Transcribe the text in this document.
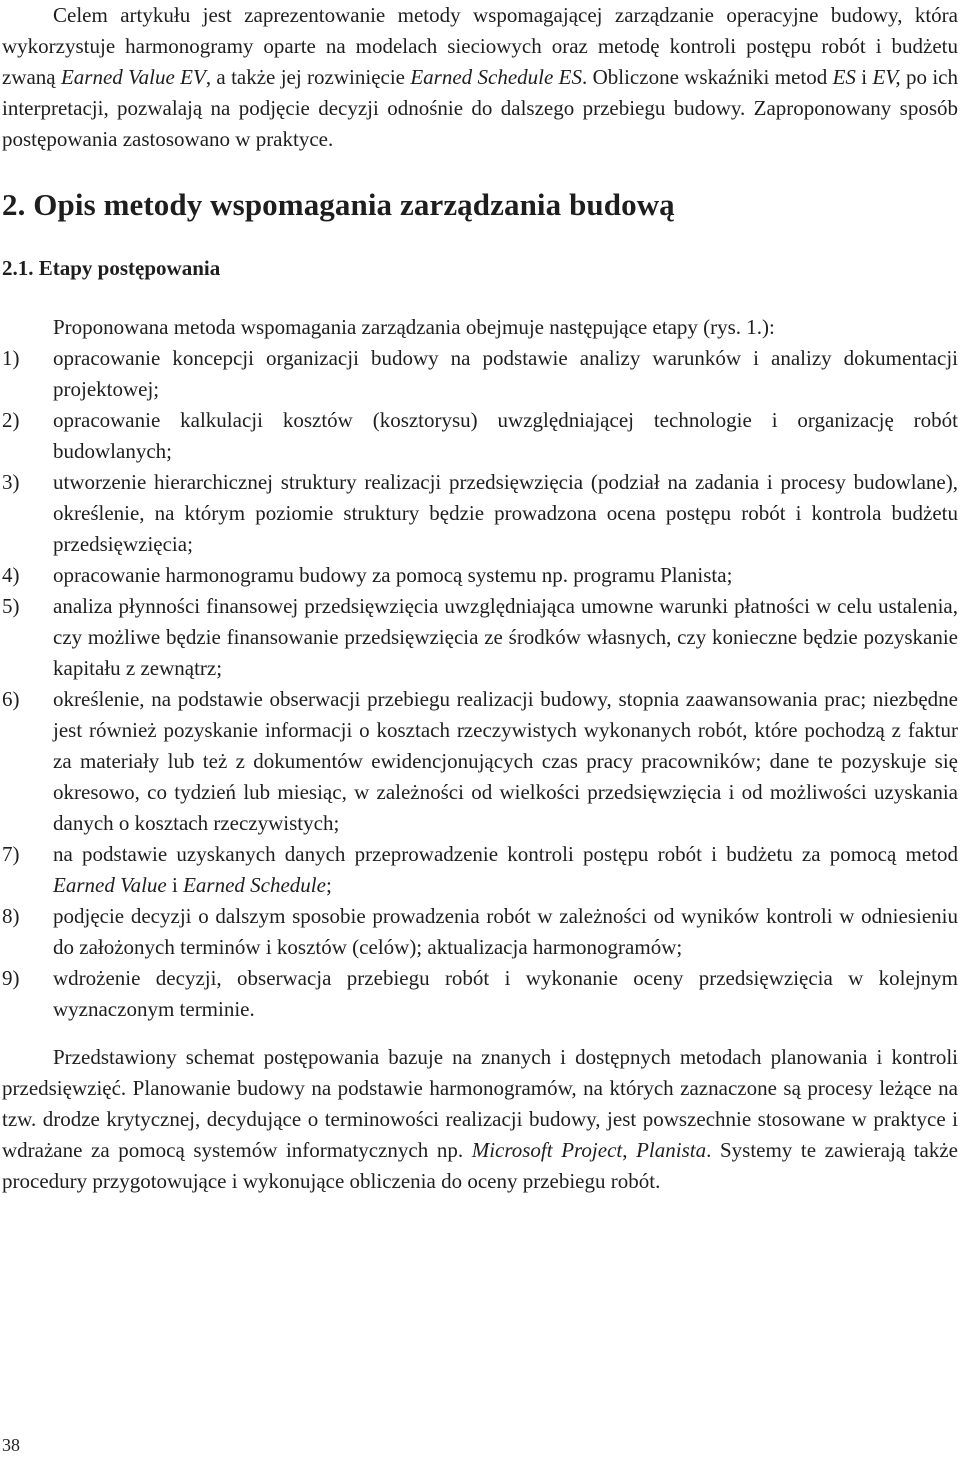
Celem artykułu jest zaprezentowanie metody wspomagającej zarządzanie operacyjne budowy, która wykorzystuje harmonogramy oparte na modelach sieciowych oraz metodę kontroli postępu robót i budżetu zwaną Earned Value EV, a także jej rozwinięcie Earned Schedule ES. Obliczone wskaźniki metod ES i EV, po ich interpretacji, pozwalają na podjęcie decyzji odnośnie do dalszego przebiegu budowy. Zaproponowany sposób postępowania zastosowano w praktyce.

2. Opis metody wspomagania zarządzania budową
2.1. Etapy postępowania

Proponowana metoda wspomagania zarządzania obejmuje następujące etapy (rys. 1.):

1) opracowanie koncepcji organizacji budowy na podstawie analizy warunków i analizy dokumentacji projektowej;
2) opracowanie kalkulacji kosztów (kosztorysu) uwzględniającej technologie i organizację robót budowlanych;
3) utworzenie hierarchicznej struktury realizacji przedsięwzięcia (podział na zadania i procesy budowlane), określenie, na którym poziomie struktury będzie prowadzona ocena postępu robót i kontrola budżetu przedsięwzięcia;
4) opracowanie harmonogramu budowy za pomocą systemu np. programu Planista;
5) analiza płynności finansowej przedsięwzięcia uwzględniająca umowne warunki płatności w celu ustalenia, czy możliwe będzie finansowanie przedsięwzięcia ze środków własnych, czy konieczne będzie pozyskanie kapitału z zewnątrz;
6) określenie, na podstawie obserwacji przebiegu realizacji budowy, stopnia zaawansowania prac; niezbędne jest również pozyskanie informacji o kosztach rzeczywistych wykonanych robót, które pochodzą z faktur za materiały lub też z dokumentów ewidencjonujących czas pracy pracowników; dane te pozyskuje się okresowo, co tydzień lub miesiąc, w zależności od wielkości przedsięwzięcia i od możliwości uzyskania danych o kosztach rzeczywistych;
7) na podstawie uzyskanych danych przeprowadzenie kontroli postępu robót i budżetu za pomocą metod Earned Value i Earned Schedule;
8) podjęcie decyzji o dalszym sposobie prowadzenia robót w zależności od wyników kontroli w odniesieniu do założonych terminów i kosztów (celów); aktualizacja harmonogramów;
9) wdrożenie decyzji, obserwacja przebiegu robót i wykonanie oceny przedsięwzięcia w kolejnym wyznaczonym terminie.

Przedstawiony schemat postępowania bazuje na znanych i dostępnych metodach planowania i kontroli przedsięwzięć. Planowanie budowy na podstawie harmonogramów, na których zaznaczone są procesy leżące na tzw. drodze krytycznej, decydujące o terminowości realizacji budowy, jest powszechnie stosowane w praktyce i wdrażane za pomocą systemów informatycznych np. Microsoft Project, Planista. Systemy te zawierają także procedury przygotowujące i wykonujące obliczenia do oceny przebiegu robót.

38
